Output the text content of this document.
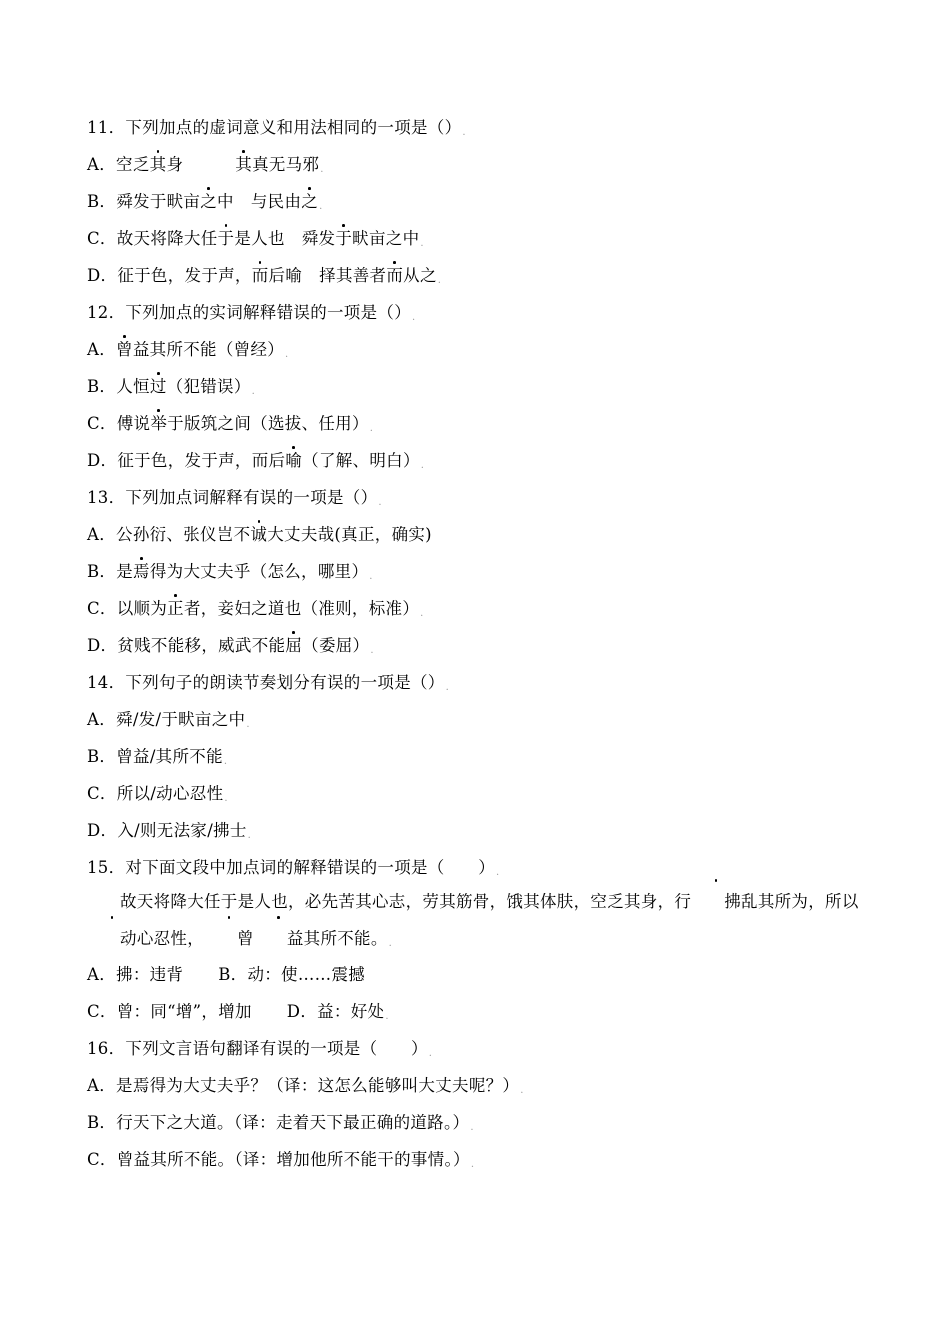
11．下列加点的虚词意义和用法相同的一项是（）.
A．空乏其身	其真无马邪.
B．舜发于畎亩之中 与民由之.
C．故天将降大任于是人也 舜发于畎亩之中.
D．征于色，发于声，而后喻 择其善者而从之.
12．下列加点的实词解释错误的一项是（）.
A．曾益其所不能（曾经）.
B．人恒过（犯错误）.
C．傅说举于版筑之间（选拔、任用）.
D．征于色，发于声，而后喻（了解、明白）.
13．下列加点词解释有误的一项是（）.
A．公孙衍、张仪岂不诚大丈夫哉(真正，确实)
B．是焉得为大丈夫乎（怎么，哪里）.
C．以顺为正者，妾妇之道也（准则，标准）.
D．贫贱不能移，威武不能屈（委屈）.
14．下列句子的朗读节奏划分有误的一项是（）.
A．舜/发/于畎亩之中.
B．曾益/其所不能.
C．所以/动心忍性.
D．入/则无法家/拂士.
15．对下面文段中加点词的解释错误的一项是（　　）.
故天将降大任于是人也，必先苦其心志，劳其筋骨，饿其体肤，空乏其身，行 拂乱其所为，所以动心忍性， 曾 益其所不能。.
A．拂：违背 B．动：使……震撼
C．曾：同“增”，增加 D．益：好处.
16．下列文言语句翻译有误的一项是（　　）.
A．是焉得为大丈夫乎？（译：这怎么能够叫大丈夫呢？）.
B．行天下之大道。（译：走着天下最正确的道路。）.
C．曾益其所不能。（译：增加他所不能干的事情。）.
